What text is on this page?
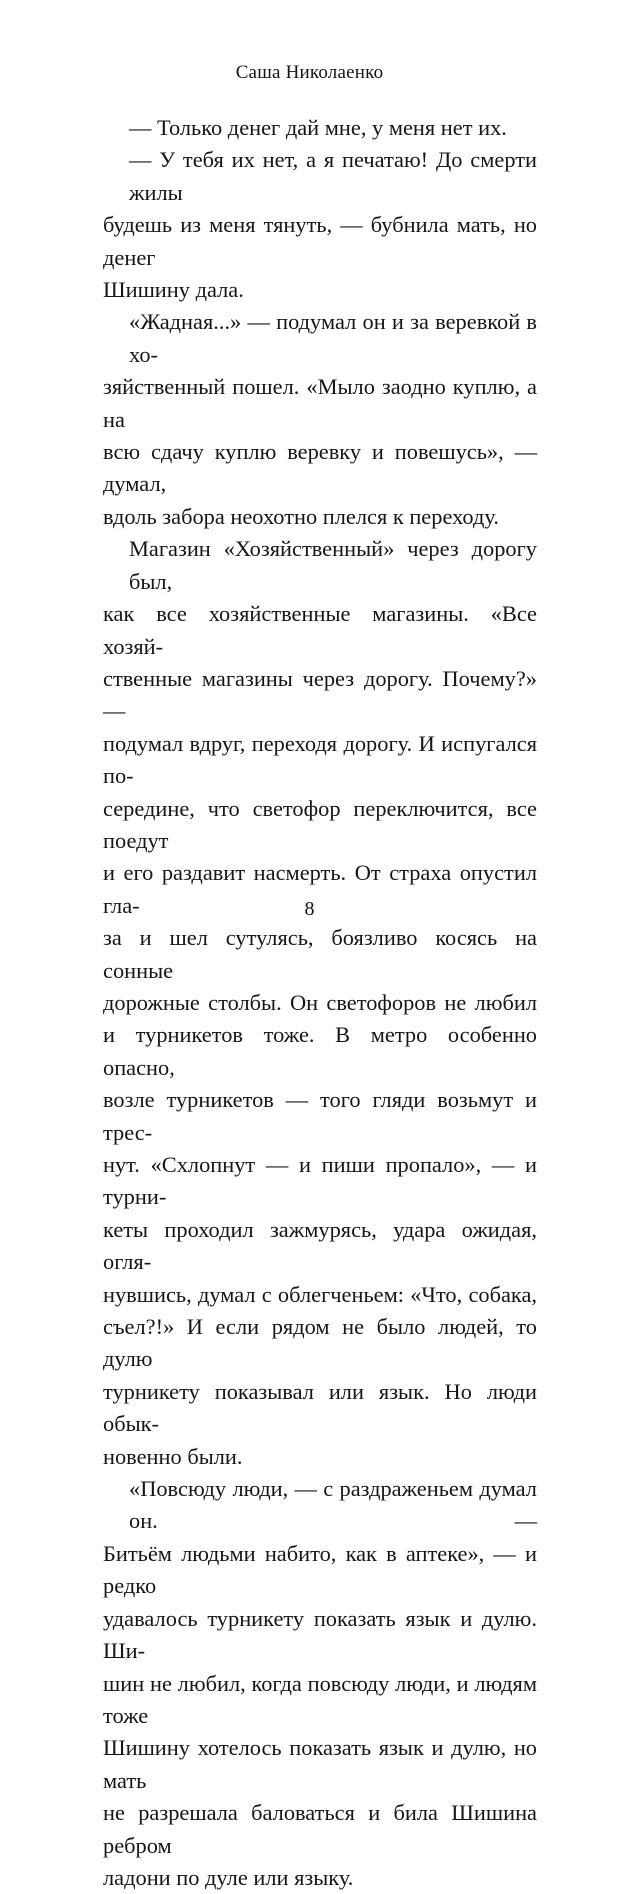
Саша Николаенко
— Только денег дай мне, у меня нет их.
— У тебя их нет, а я печатаю! До смерти жилы
будешь из меня тянуть, — бубнила мать, но денег
Шишину дала.
«Жадная...» — подумал он и за веревкой в хо-
зяйственный пошел. «Мыло заодно куплю, а на
всю сдачу куплю веревку и повешусь», — думал,
вдоль забора неохотно плелся к переходу.
Магазин «Хозяйственный» через дорогу был,
как все хозяйственные магазины. «Все хозяй-
ственные магазины через дорогу. Почему?» —
подумал вдруг, переходя дорогу. И испугался по-
середине, что светофор переключится, все поедут
и его раздавит насмерть. От страха опустил гла-
за и шел сутулясь, боязливо косясь на сонные
дорожные столбы. Он светофоров не любил
и турникетов тоже. В метро особенно опасно,
возле турникетов — того гляди возьмут и трес-
нут. «Схлопнут — и пиши пропало», — и турни-
кеты проходил зажмурясь, удара ожидая, огля-
нувшись, думал с облегченьем: «Что, собака,
съел?!» И если рядом не было людей, то дулю
турникету показывал или язык. Но люди обык-
новенно были.
«Повсюду люди, — с раздраженьем думал он. —
Битьём людьми набито, как в аптеке», — и редко
удавалось турникету показать язык и дулю. Ши-
шин не любил, когда повсюду люди, и людям тоже
Шишину хотелось показать язык и дулю, но мать
не разрешала баловаться и била Шишина ребром
ладони по дуле или языку.
8
